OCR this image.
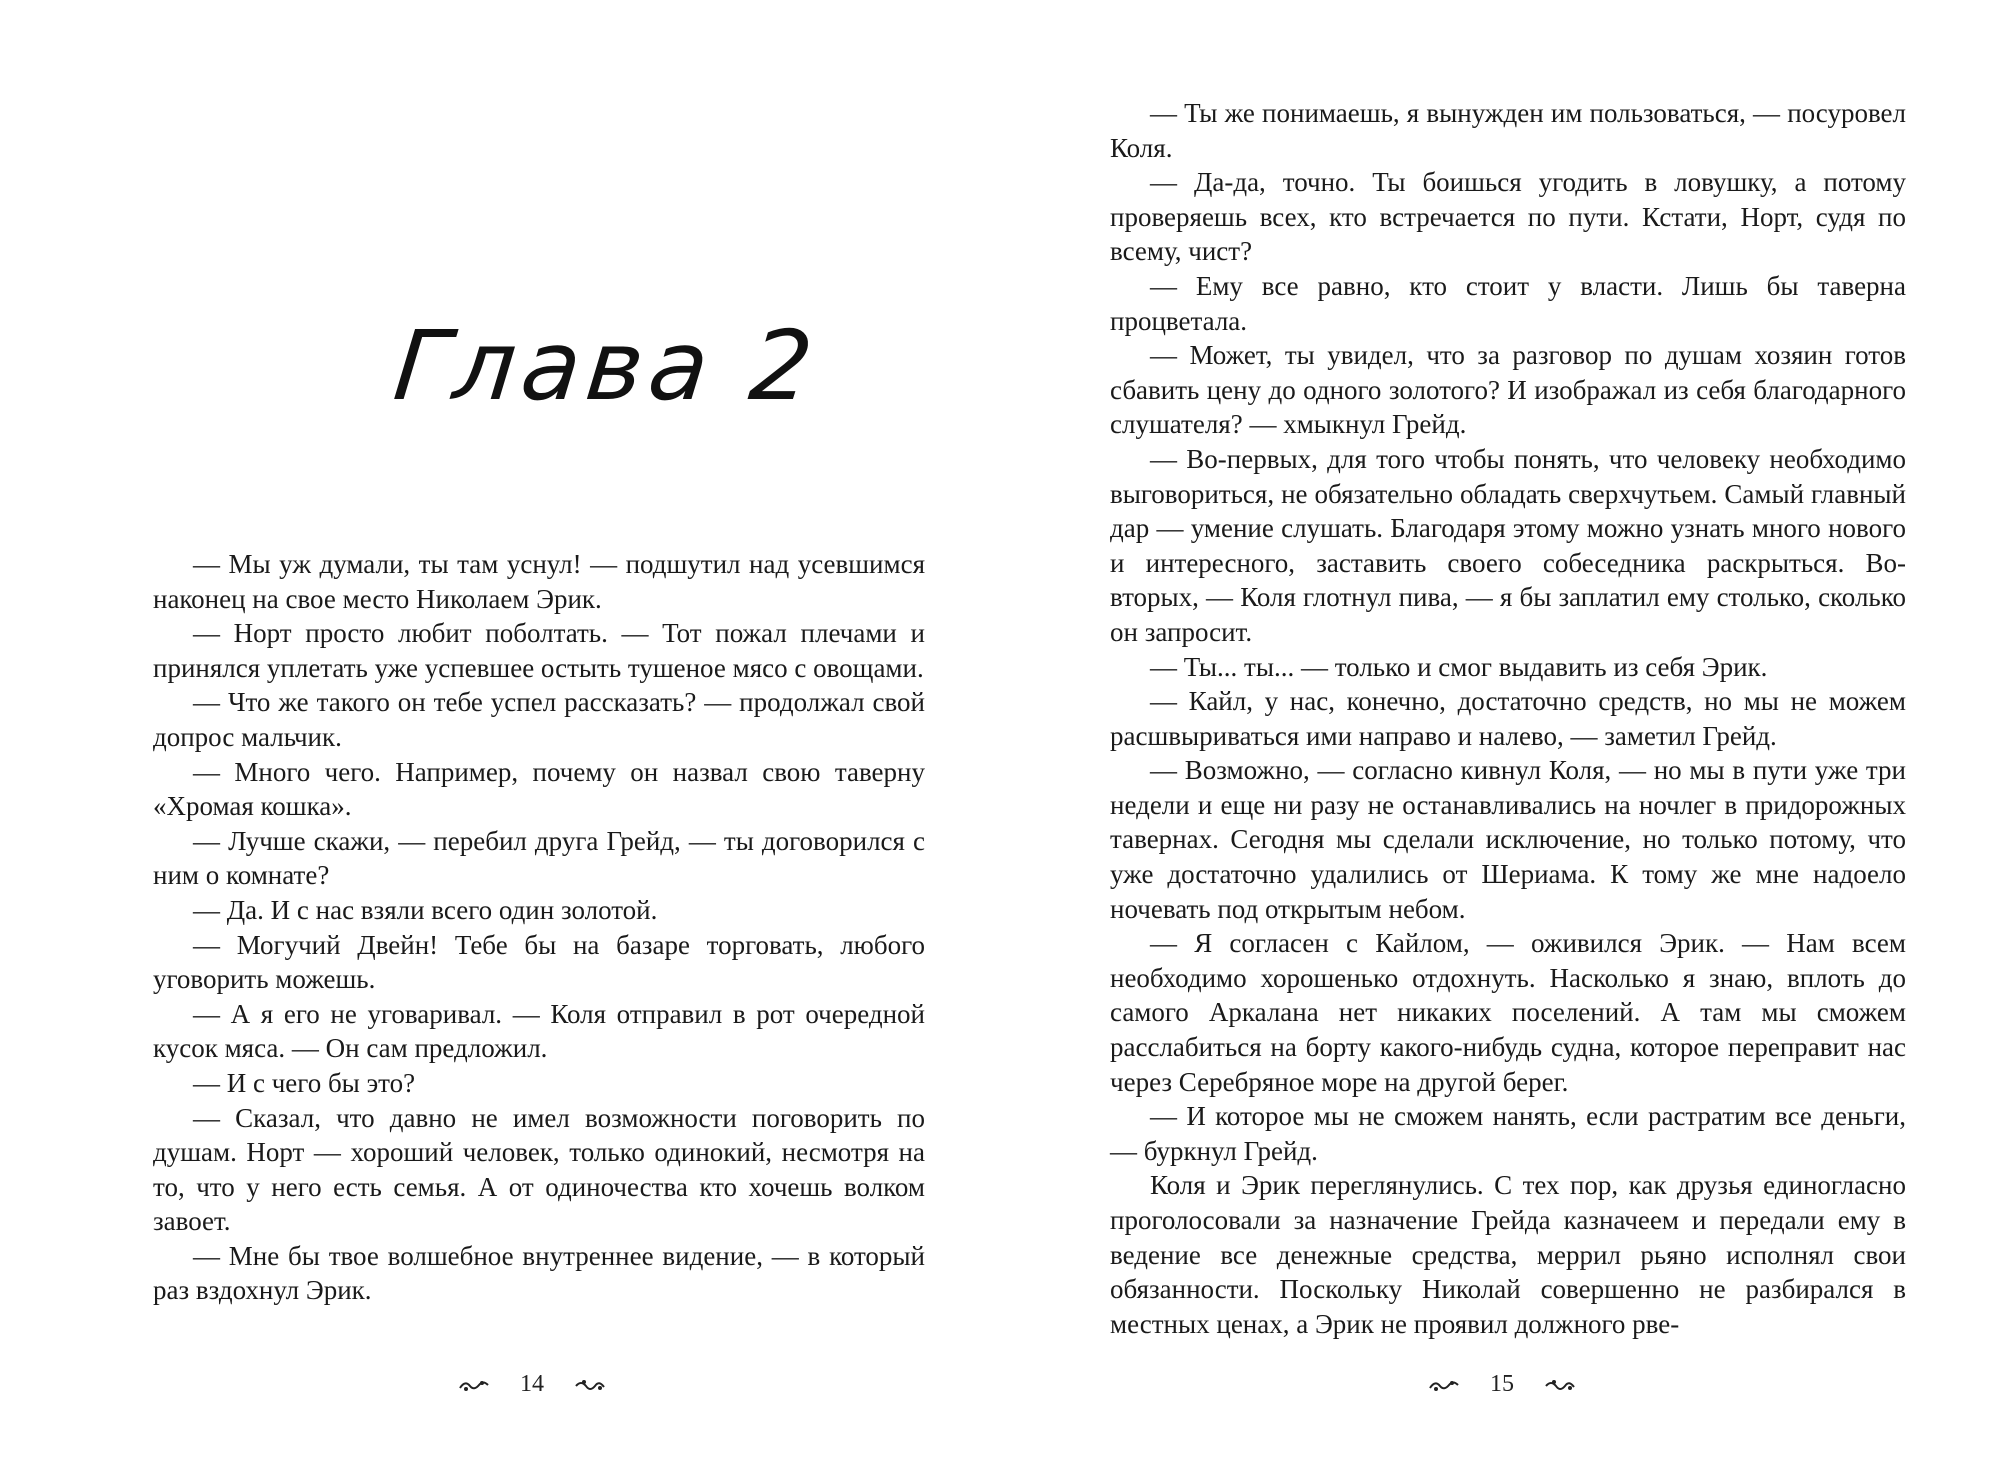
Глава 2

— Мы уж думали, ты там уснул! — подшутил над усевшимся наконец на свое место Николаем Эрик.

— Норт просто любит поболтать. — Тот пожал плечами и принялся уплетать уже успевшее остыть тушеное мясо с овощами.

— Что же такого он тебе успел рассказать? — продолжал свой допрос мальчик.

— Много чего. Например, почему он назвал свою таверну «Хромая кошка».

— Лучше скажи, — перебил друга Грейд, — ты договорился с ним о комнате?

— Да. И с нас взяли всего один золотой.

— Могучий Двейн! Тебе бы на базаре торговать, любого уговорить можешь.

— А я его не уговаривал. — Коля отправил в рот очередной кусок мяса. — Он сам предложил.

— И с чего бы это?

— Сказал, что давно не имел возможности поговорить по душам. Норт — хороший человек, только одинокий, несмотря на то, что у него есть семья. А от одиночества кто хочешь волком завоет.

— Мне бы твое волшебное внутреннее видение, — в который раз вздохнул Эрик.

14

— Ты же понимаешь, я вынужден им пользоваться, — посуровел Коля.

— Да-да, точно. Ты боишься угодить в ловушку, а потому проверяешь всех, кто встречается по пути. Кстати, Норт, судя по всему, чист?

— Ему все равно, кто стоит у власти. Лишь бы таверна процветала.

— Может, ты увидел, что за разговор по душам хозяин готов сбавить цену до одного золотого? И изображал из себя благодарного слушателя? — хмыкнул Грейд.

— Во-первых, для того чтобы понять, что человеку необходимо выговориться, не обязательно обладать сверхчутьем. Самый главный дар — умение слушать. Благодаря этому можно узнать много нового и интересного, заставить своего собеседника раскрыться. Во-вторых, — Коля глотнул пива, — я бы заплатил ему столько, сколько он запросит.

— Ты... ты... — только и смог выдавить из себя Эрик.

— Кайл, у нас, конечно, достаточно средств, но мы не можем расшвыриваться ими направо и налево, — заметил Грейд.

— Возможно, — согласно кивнул Коля, — но мы в пути уже три недели и еще ни разу не останавливались на ночлег в придорожных тавернах. Сегодня мы сделали исключение, но только потому, что уже достаточно удалились от Шериама. К тому же мне надоело ночевать под открытым небом.

— Я согласен с Кайлом, — оживился Эрик. — Нам всем необходимо хорошенько отдохнуть. Насколько я знаю, вплоть до самого Аркалана нет никаких поселений. А там мы сможем расслабиться на борту какого-нибудь судна, которое переправит нас через Серебряное море на другой берег.

— И которое мы не сможем нанять, если растратим все деньги, — буркнул Грейд.

Коля и Эрик переглянулись. С тех пор, как друзья единогласно проголосовали за назначение Грейда казначеем и передали ему в ведение все денежные средства, меррил рьяно исполнял свои обязанности. Поскольку Николай совершенно не разбирался в местных ценах, а Эрик не проявил должного рве-

15
